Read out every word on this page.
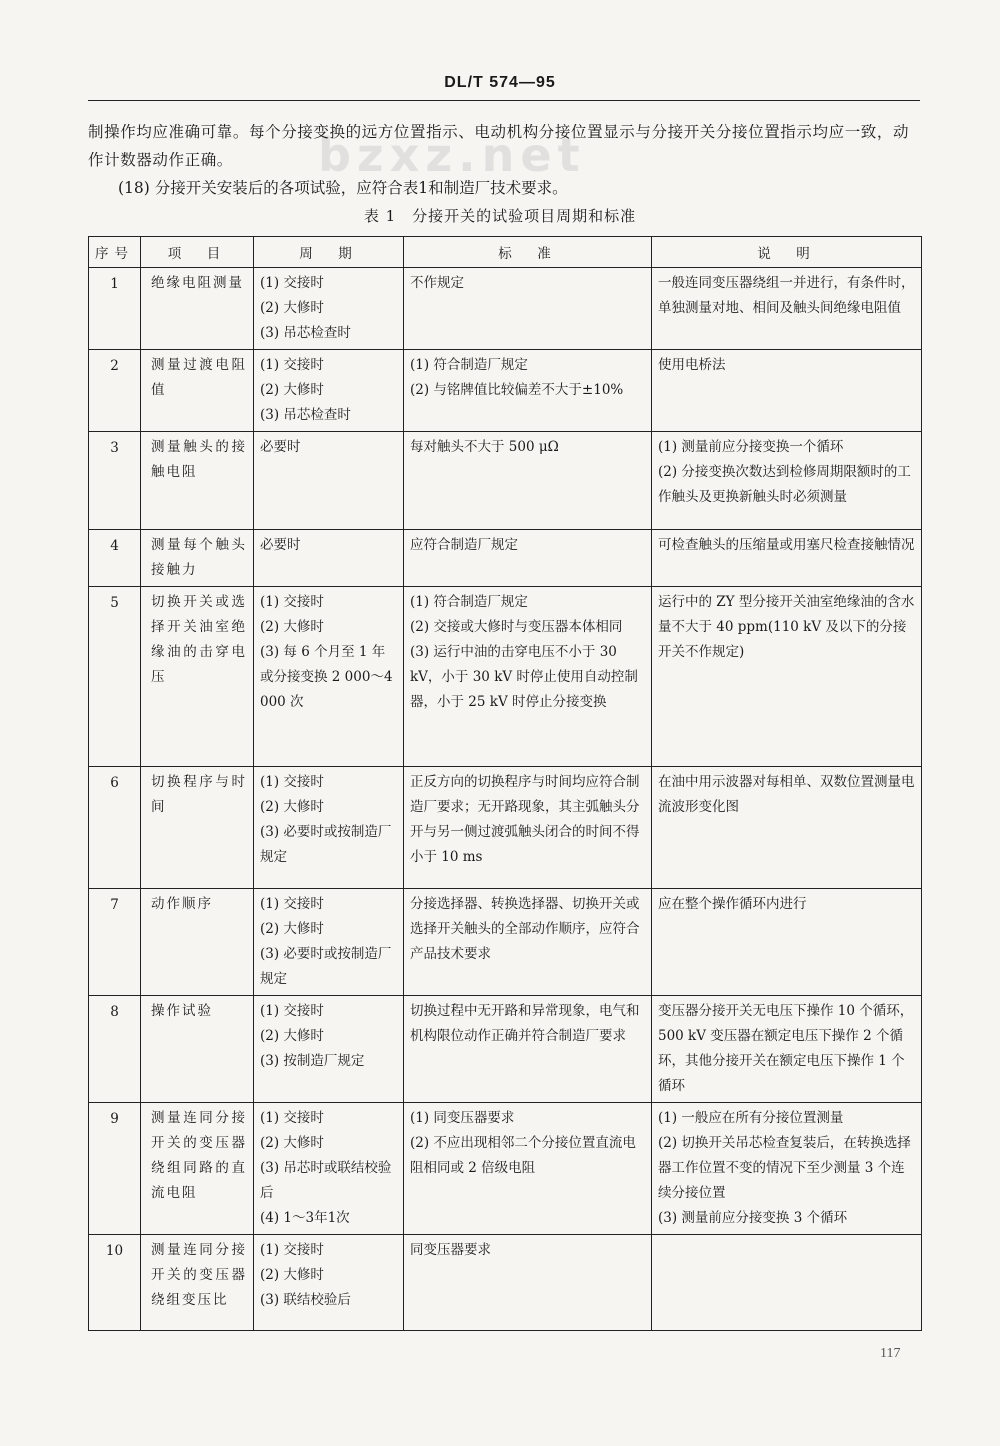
DL/T 574—95
bzxz.net
制操作均应准确可靠。每个分接变换的远方位置指示、电动机构分接位置显示与分接开关分接位置指示均应一致，动作计数器动作正确。
(18) 分接开关安装后的各项试验，应符合表1和制造厂技术要求。
表 1　分接开关的试验项目周期和标准
序号	项　目	周　期	标　准	说　明
1	绝缘电阻测量	(1) 交接时
(2) 大修时
(3) 吊芯检查时	不作规定	一般连同变压器绕组一并进行，有条件时，单独测量对地、相间及触头间绝缘电阻值

2	测量过渡电阻值	(1) 交接时
(2) 大修时
(3) 吊芯检查时	(1) 符合制造厂规定
(2) 与铭牌值比较偏差不大于±10%	使用电桥法

3	测量触头的接触电阻	必要时	每对触头不大于 500 μΩ	(1) 测量前应分接变换一个循环
(2) 分接变换次数达到检修周期限额时的工作触头及更换新触头时必须测量

4	测量每个触头接触力	必要时	应符合制造厂规定	可检查触头的压缩量或用塞尺检查接触情况

5	切换开关或选择开关油室绝缘油的击穿电压	(1) 交接时
(2) 大修时
(3) 每 6 个月至 1 年或分接变换 2 000～4 000 次	(1) 符合制造厂规定
(2) 交接或大修时与变压器本体相同
(3) 运行中油的击穿电压不小于 30 kV，小于 30 kV 时停止使用自动控制器，小于 25 kV 时停止分接变换	运行中的 ZY 型分接开关油室绝缘油的含水量不大于 40 ppm(110 kV 及以下的分接开关不作规定)

6	切换程序与时间	(1) 交接时
(2) 大修时
(3) 必要时或按制造厂规定	正反方向的切换程序与时间均应符合制造厂要求；无开路现象，其主弧触头分开与另一侧过渡弧触头闭合的时间不得小于 10 ms	在油中用示波器对每相单、双数位置测量电流波形变化图

7	动作顺序	(1) 交接时
(2) 大修时
(3) 必要时或按制造厂规定	分接选择器、转换选择器、切换开关或选择开关触头的全部动作顺序，应符合产品技术要求	应在整个操作循环内进行

8	操作试验	(1) 交接时
(2) 大修时
(3) 按制造厂规定	切换过程中无开路和异常现象，电气和机构限位动作正确并符合制造厂要求	变压器分接开关无电压下操作 10 个循环，500 kV 变压器在额定电压下操作 2 个循环，其他分接开关在额定电压下操作 1 个循环

9	测量连同分接开关的变压器绕组同路的直流电阻	(1) 交接时
(2) 大修时
(3) 吊芯时或联结校验后
(4) 1～3年1次	(1) 同变压器要求
(2) 不应出现相邻二个分接位置直流电阻相同或 2 倍级电阻	(1) 一般应在所有分接位置测量
(2) 切换开关吊芯检查复装后，在转换选择器工作位置不变的情况下至少测量 3 个连续分接位置
(3) 测量前应分接变换 3 个循环

10	测量连同分接开关的变压器绕组变压比	(1) 交接时
(2) 大修时
(3) 联结校验后	同变压器要求	

117
